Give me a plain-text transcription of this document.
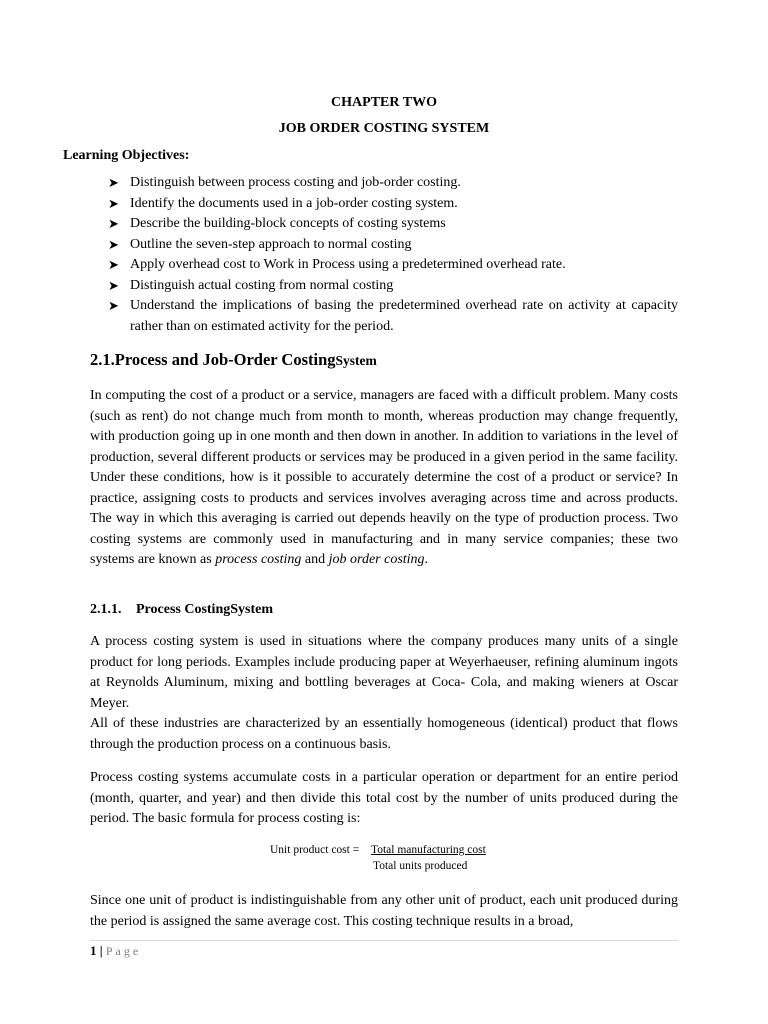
CHAPTER TWO
JOB ORDER COSTING SYSTEM
Learning Objectives:
➤ Distinguish between process costing and job-order costing.
➤ Identify the documents used in a job-order costing system.
➤ Describe the building-block concepts of costing systems
➤ Outline the seven-step approach to normal costing
➤ Apply overhead cost to Work in Process using a predetermined overhead rate.
➤ Distinguish actual costing from normal costing
➤ Understand the implications of basing the predetermined overhead rate on activity at capacity rather than on estimated activity for the period.
2.1.Process and Job-Order CostingSystem

In computing the cost of a product or a service, managers are faced with a difficult problem. Many costs (such as rent) do not change much from month to month, whereas production may change frequently, with production going up in one month and then down in another. In addition to variations in the level of production, several different products or services may be produced in a given period in the same facility. Under these conditions, how is it possible to accurately determine the cost of a product or service? In practice, assigning costs to products and services involves averaging across time and across products. The way in which this averaging is carried out depends heavily on the type of production process. Two costing systems are commonly used in manufacturing and in many service companies; these two systems are known as process costing and job order costing.

2.1.1. Process CostingSystem

A process costing system is used in situations where the company produces many units of a single product for long periods. Examples include producing paper at Weyerhaeuser, refining aluminum ingots at Reynolds Aluminum, mixing and bottling beverages at Coca- Cola, and making wieners at Oscar Meyer.

All of these industries are characterized by an essentially homogeneous (identical) product that flows through the production process on a continuous basis.

Process costing systems accumulate costs in a particular operation or department for an entire period (month, quarter, and year) and then divide this total cost by the number of units produced during the period. The basic formula for process costing is:

Unit product cost = Total manufacturing cost
Total units produced

Since one unit of product is indistinguishable from any other unit of product, each unit produced during the period is assigned the same average cost. This costing technique results in a broad,

1 | Page
